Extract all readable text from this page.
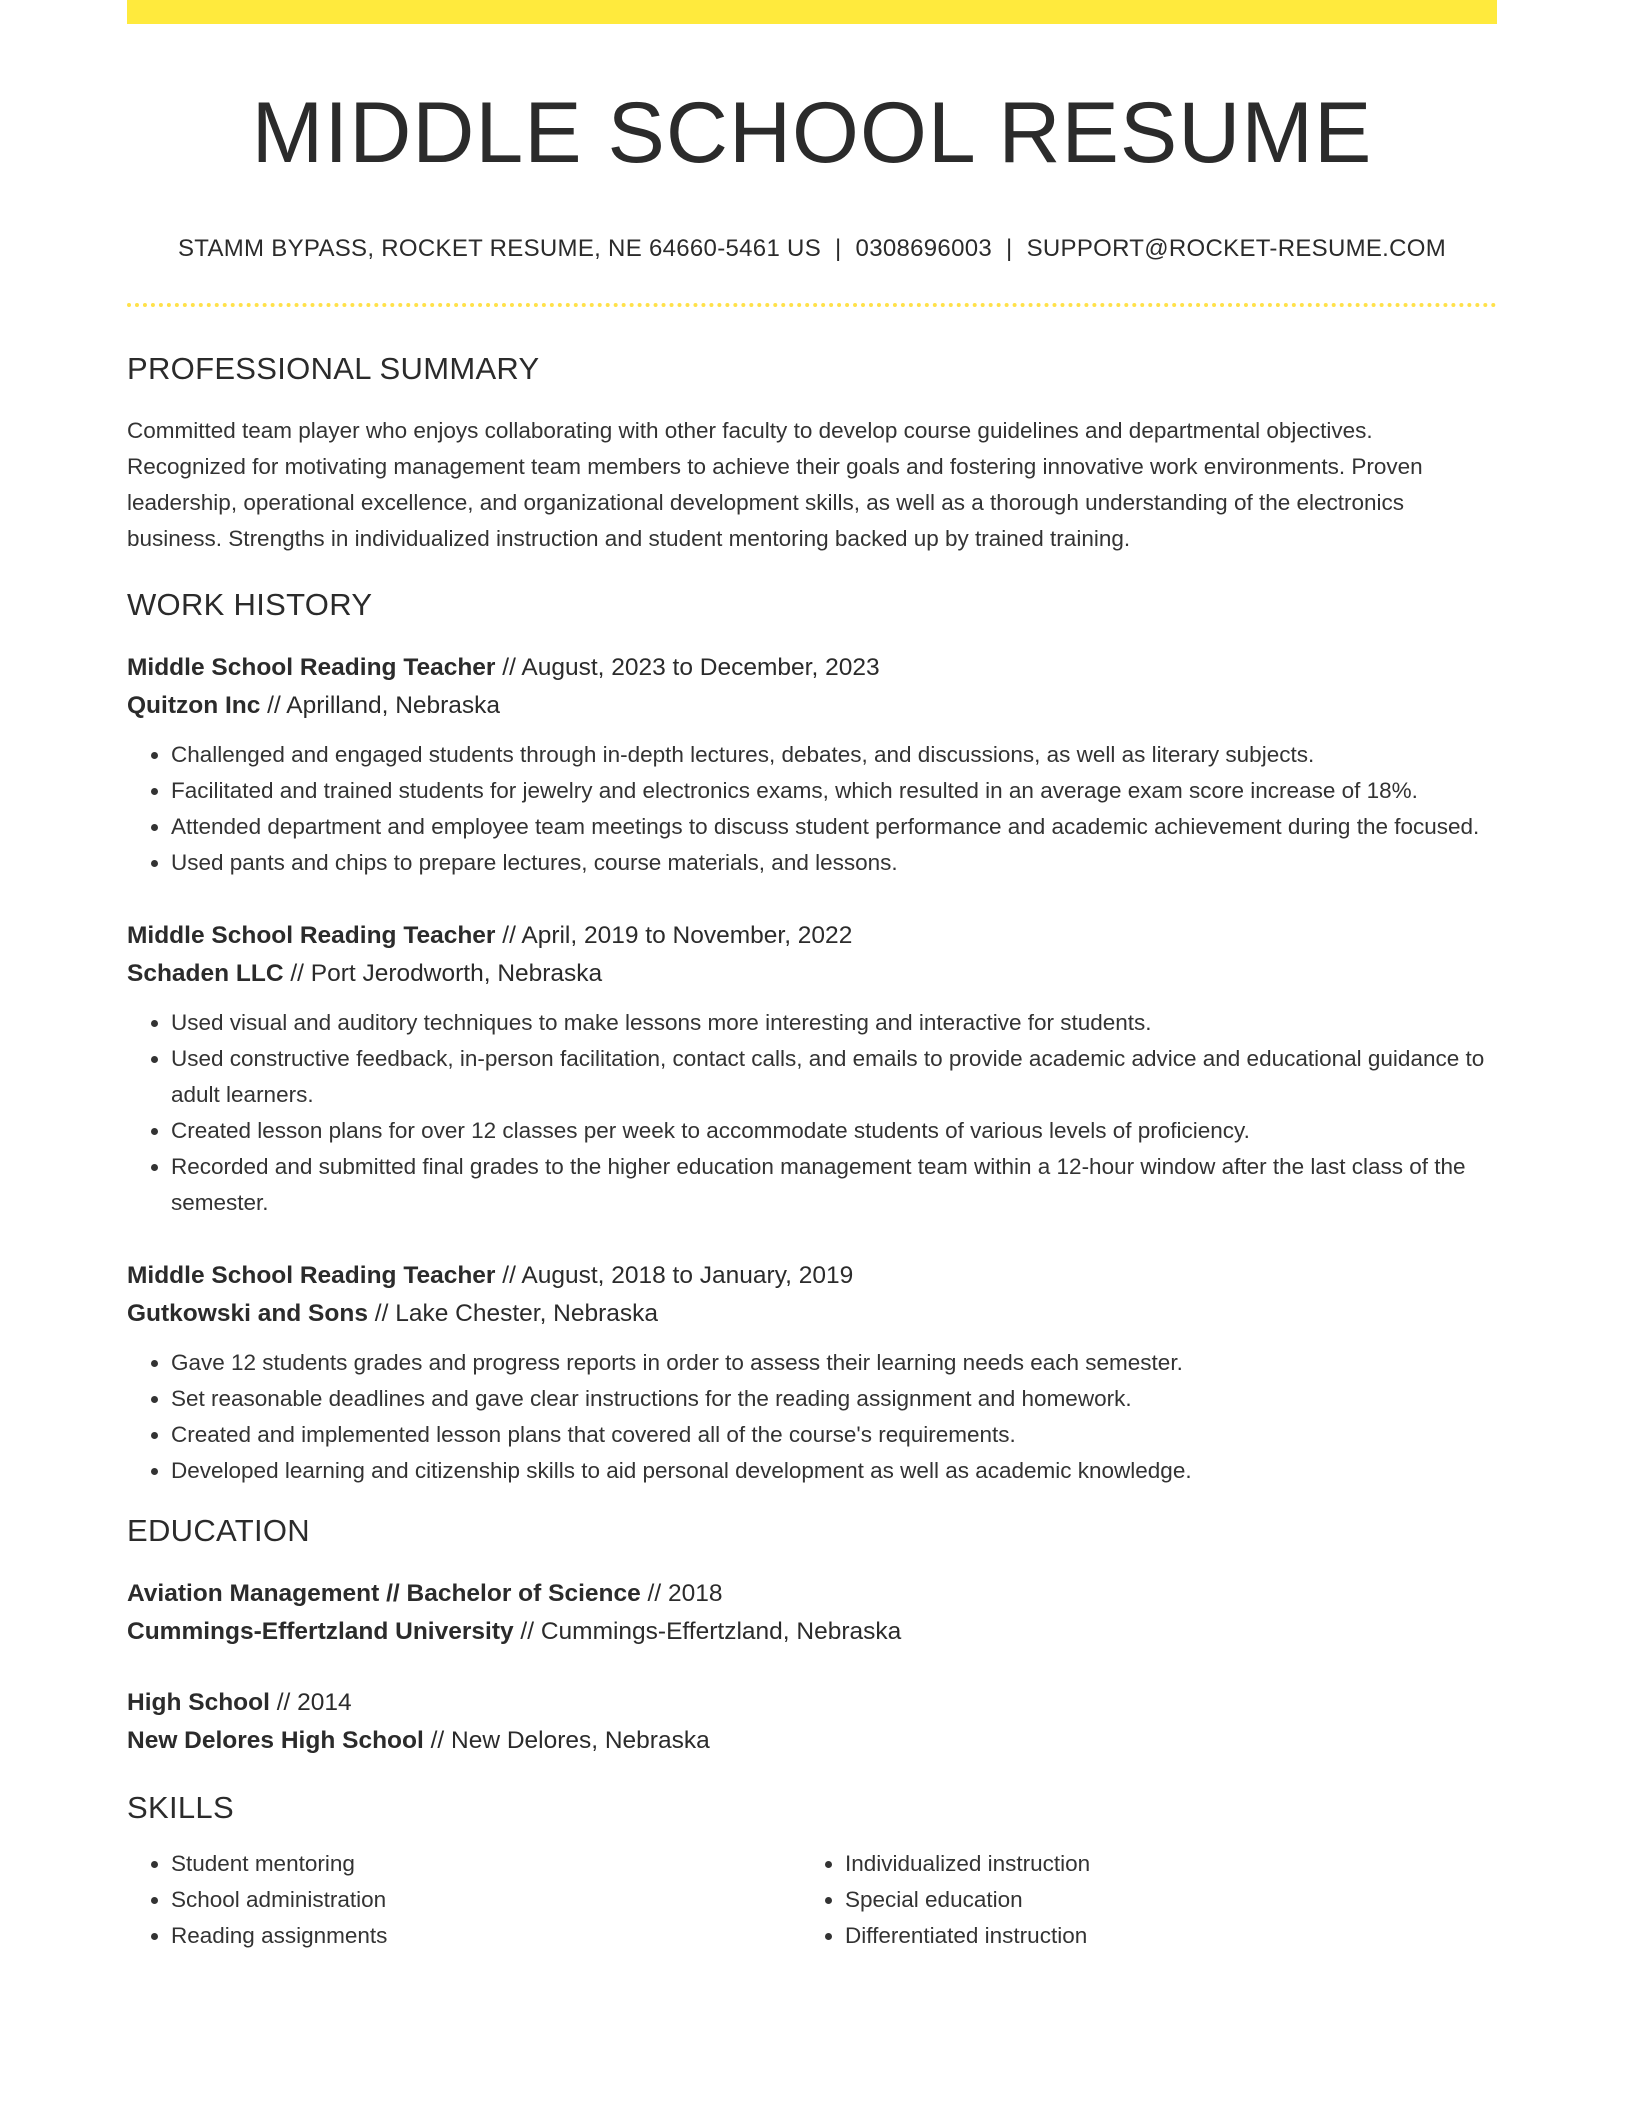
MIDDLE SCHOOL RESUME
STAMM BYPASS, ROCKET RESUME, NE 64660-5461 US | 0308696003 | SUPPORT@ROCKET-RESUME.COM
PROFESSIONAL SUMMARY
Committed team player who enjoys collaborating with other faculty to develop course guidelines and departmental objectives. Recognized for motivating management team members to achieve their goals and fostering innovative work environments. Proven leadership, operational excellence, and organizational development skills, as well as a thorough understanding of the electronics business. Strengths in individualized instruction and student mentoring backed up by trained training.
WORK HISTORY
Middle School Reading Teacher // August, 2023 to December, 2023
Quitzon Inc // Aprilland, Nebraska
• Challenged and engaged students through in-depth lectures, debates, and discussions, as well as literary subjects.
• Facilitated and trained students for jewelry and electronics exams, which resulted in an average exam score increase of 18%.
• Attended department and employee team meetings to discuss student performance and academic achievement during the focused.
• Used pants and chips to prepare lectures, course materials, and lessons.
Middle School Reading Teacher // April, 2019 to November, 2022
Schaden LLC // Port Jerodworth, Nebraska
• Used visual and auditory techniques to make lessons more interesting and interactive for students.
• Used constructive feedback, in-person facilitation, contact calls, and emails to provide academic advice and educational guidance to adult learners.
• Created lesson plans for over 12 classes per week to accommodate students of various levels of proficiency.
• Recorded and submitted final grades to the higher education management team within a 12-hour window after the last class of the semester.
Middle School Reading Teacher // August, 2018 to January, 2019
Gutkowski and Sons // Lake Chester, Nebraska
• Gave 12 students grades and progress reports in order to assess their learning needs each semester.
• Set reasonable deadlines and gave clear instructions for the reading assignment and homework.
• Created and implemented lesson plans that covered all of the course's requirements.
• Developed learning and citizenship skills to aid personal development as well as academic knowledge.
EDUCATION
Aviation Management // Bachelor of Science // 2018
Cummings-Effertzland University // Cummings-Effertzland, Nebraska
High School // 2014
New Delores High School // New Delores, Nebraska
SKILLS
• Student mentoring
• School administration
• Reading assignments
• Individualized instruction
• Special education
• Differentiated instruction
